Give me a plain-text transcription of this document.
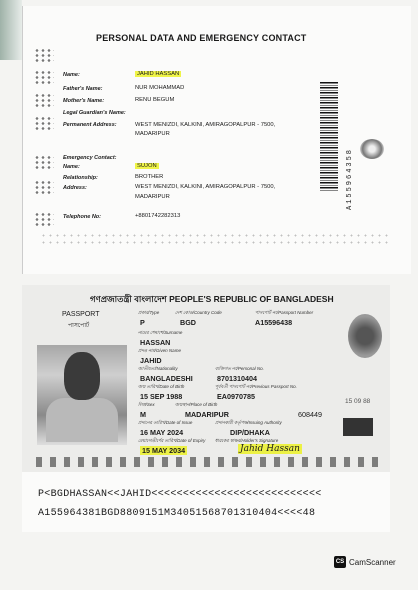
PERSONAL DATA AND EMERGENCY CONTACT
Name:	JAHID HASSAN
Father's Name:	NUR MOHAMMAD
Mother's Name:	RENU BEGUM
Legal Guardian's Name:
Permanent Address:	WEST MENIZDI, KALKINI, AMIRAGOPALPUR - 7500,
MADARIPUR
Emergency Contact:
Name:	SUJON
Relationship:	BROTHER
Address:	WEST MENIZDI, KALKINI, AMIRAGOPALPUR - 7500,
MADARIPUR
Telephone No:	+8801742282313
A155964358
গণপ্রজাতন্ত্রী বাংলাদেশ PEOPLE'S REPUBLIC OF BANGLADESH
PASSPORT
পাসপোর্ট
প্রকার/Type
P
দেশ কোড/Country Code
BGD
পাসপোর্ট নং/Passport Number
A15596438
নামের শেষাংশ/Surname
HASSAN
প্রদত্ত নাম/Given Name
JAHID
জাতীয়তা/Nationality
BANGLADESHI
ব্যক্তিগত নং/Personal No.
8701310404
জন্ম তারিখ/Date of Birth
15 SEP 1988
পূর্ববর্তী পাসপোর্ট নং/Previous Passport No.
EA0970785
লিঙ্গ/Sex
M
জন্মস্থান/Place of Birth
MADARIPUR	608449
প্রদানের তারিখ/Date of Issue
16 MAY 2024
প্রদানকারী কর্তৃপক্ষ/Issuing Authority
DIP/DHAKA
মেয়াদোত্তীর্ণের তারিখ/Date of Expiry
15 MAY 2034
ধারকের স্বাক্ষর/Holder's Signature
Jahid Hassan
15 09 88
P<BGDHASSAN<<JAHID<<<<<<<<<<<<<<<<<<<<<<<<<<<
A155964381BGD8809151M3405156870131040​4<<<<48
CS CamScanner
